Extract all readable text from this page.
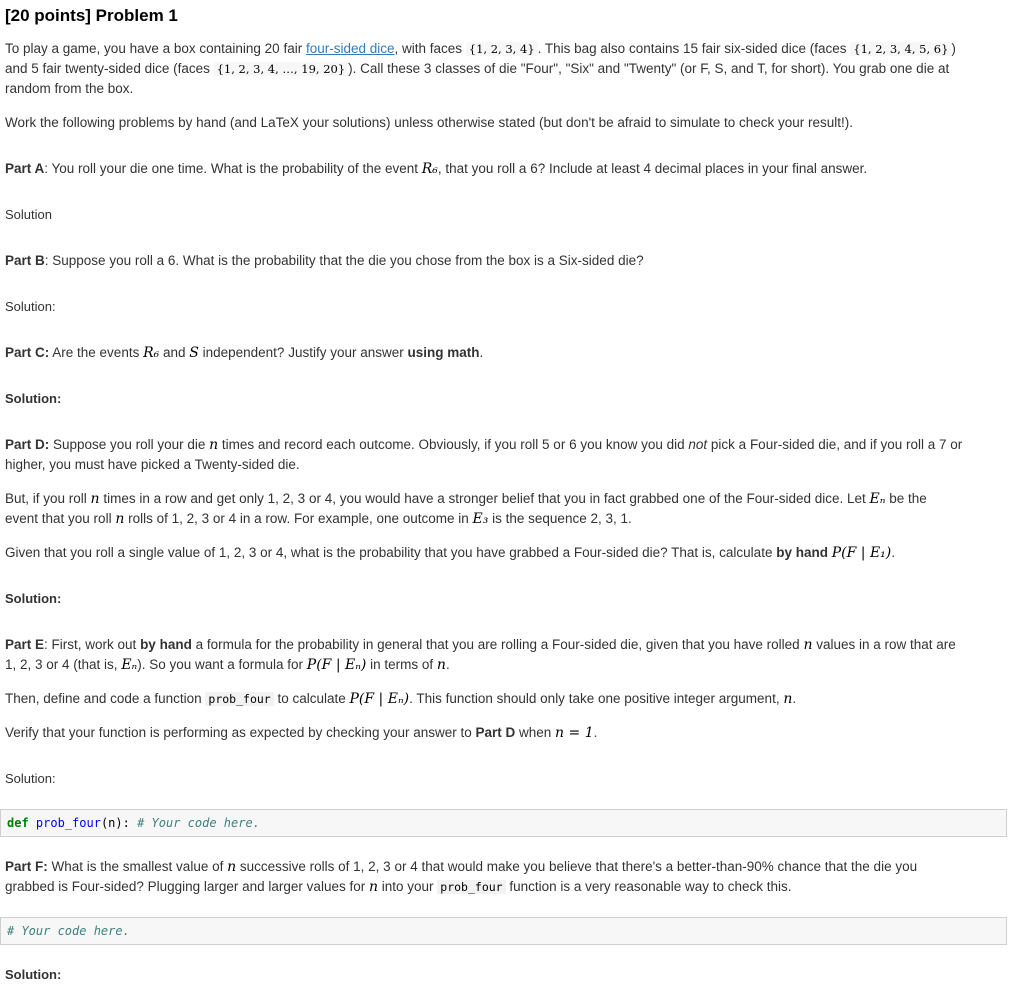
[20 points] Problem 1

To play a game, you have a box containing 20 fair four-sided dice, with faces {1, 2, 3, 4} . This bag also contains 15 fair six-sided dice (faces {1, 2, 3, 4, 5, 6} )

and 5 fair twenty-sided dice (faces {1, 2, 3, 4, …, 19, 20} ). Call these 3 classes of die "Four", "Six" and "Twenty" (or F, S, and T, for short). You grab one die at

random from the box.

Work the following problems by hand (and LaTeX your solutions) unless otherwise stated (but don't be afraid to simulate to check your result!).

Part A: You roll your die one time. What is the probability of the event R₆, that you roll a 6? Include at least 4 decimal places in your final answer.

Solution

Part B: Suppose you roll a 6. What is the probability that the die you chose from the box is a Six-sided die?

Solution:

Part C: Are the events R₆ and S independent? Justify your answer using math.

Solution:

Part D: Suppose you roll your die n times and record each outcome. Obviously, if you roll 5 or 6 you know you did not pick a Four-sided die, and if you roll a 7 or

higher, you must have picked a Twenty-sided die.

But, if you roll n times in a row and get only 1, 2, 3 or 4, you would have a stronger belief that you in fact grabbed one of the Four-sided dice. Let Eₙ be the

event that you roll n rolls of 1, 2, 3 or 4 in a row. For example, one outcome in E₃ is the sequence 2, 3, 1.

Given that you roll a single value of 1, 2, 3 or 4, what is the probability that you have grabbed a Four-sided die? That is, calculate by hand P(F | E₁).

Solution:

Part E: First, work out by hand a formula for the probability in general that you are rolling a Four-sided die, given that you have rolled n values in a row that are

1, 2, 3 or 4 (that is, Eₙ). So you want a formula for P(F | Eₙ) in terms of n.

Then, define and code a function prob_four to calculate P(F | Eₙ). This function should only take one positive integer argument, n.

Verify that your function is performing as expected by checking your answer to Part D when n = 1.

Solution:

def prob_four(n): # Your code here.

Part F: What is the smallest value of n successive rolls of 1, 2, 3 or 4 that would make you believe that there's a better-than-90% chance that the die you

grabbed is Four-sided? Plugging larger and larger values for n into your prob_four function is a very reasonable way to check this.

# Your code here.

Solution:
